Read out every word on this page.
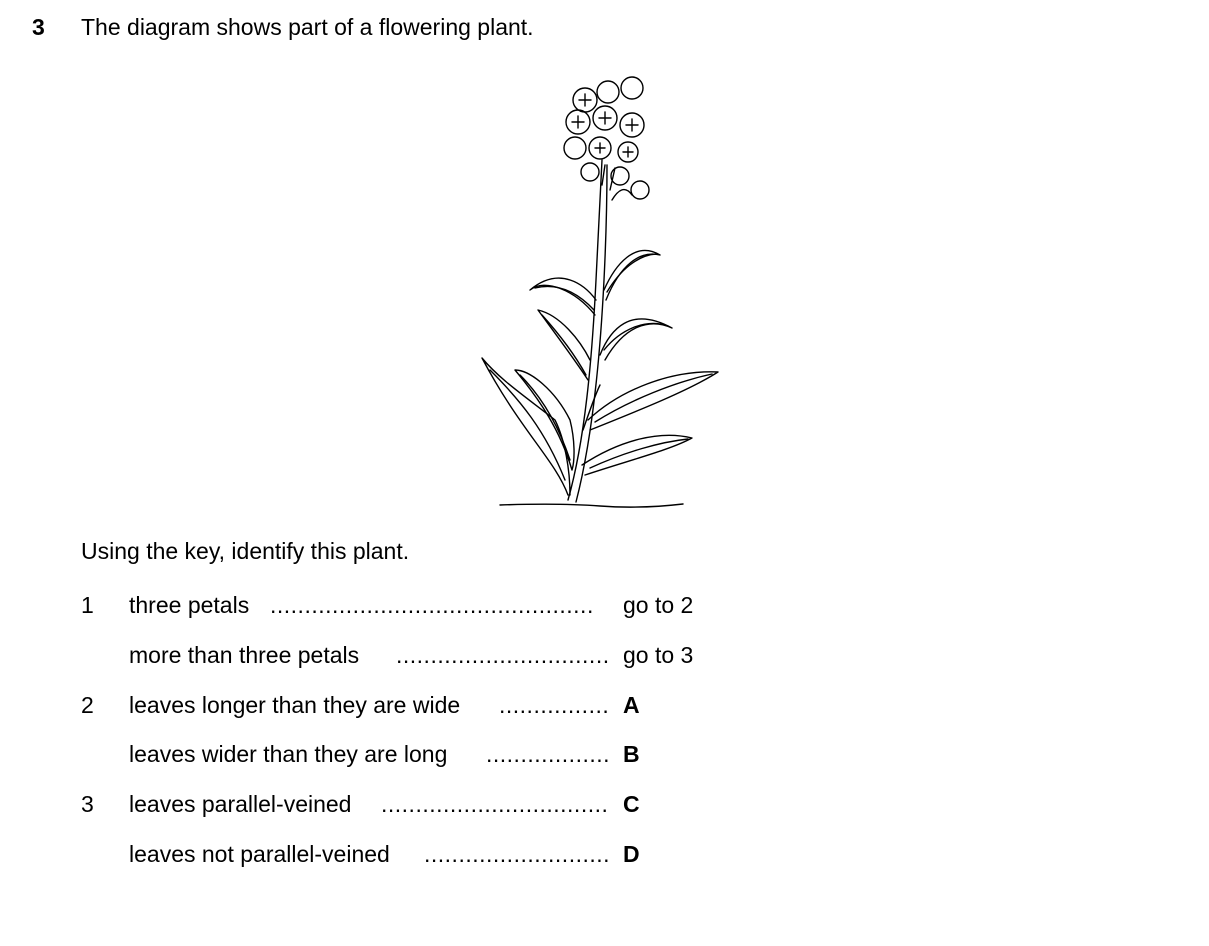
3 The diagram shows part of a flowering plant.
Using the key, identify this plant.
1 three petals ...............................................	go to 2
more than three petals ............................... go to 3
2 leaves longer than they are wide ................ A
leaves wider than they are long .................. B
3 leaves parallel-veined ................................. C
leaves not parallel-veined ........................... D
